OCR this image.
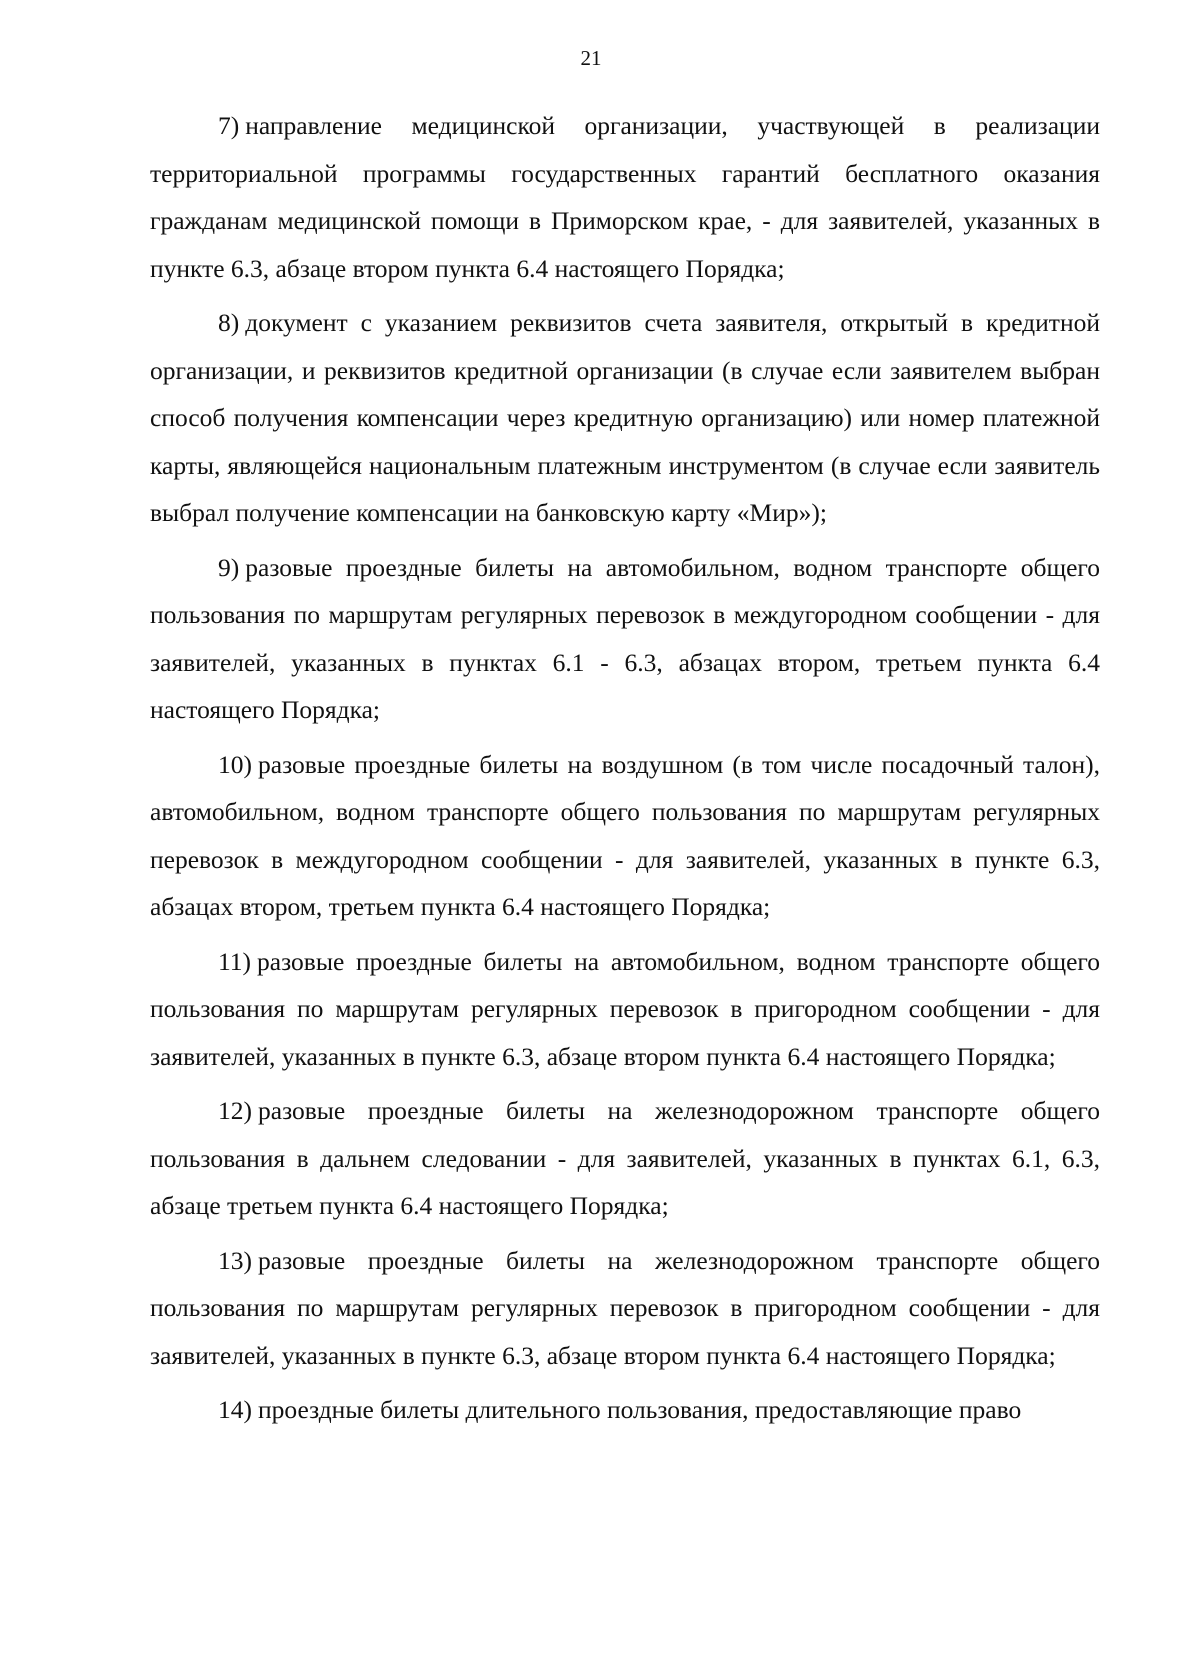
21

7) направление медицинской организации, участвующей в реализации территориальной программы государственных гарантий бесплатного оказания гражданам медицинской помощи в Приморском крае, - для заявителей, указанных в пункте 6.3, абзаце втором пункта 6.4 настоящего Порядка;

8) документ с указанием реквизитов счета заявителя, открытый в кредитной организации, и реквизитов кредитной организации (в случае если заявителем выбран способ получения компенсации через кредитную организацию) или номер платежной карты, являющейся национальным платежным инструментом (в случае если заявитель выбрал получение компенсации на банковскую карту «Мир»);

9) разовые проездные билеты на автомобильном, водном транспорте общего пользования по маршрутам регулярных перевозок в междугородном сообщении - для заявителей, указанных в пунктах 6.1 - 6.3, абзацах втором, третьем пункта 6.4 настоящего Порядка;

10) разовые проездные билеты на воздушном (в том числе посадочный талон), автомобильном, водном транспорте общего пользования по маршрутам регулярных перевозок в междугородном сообщении - для заявителей, указанных в пункте 6.3, абзацах втором, третьем пункта 6.4 настоящего Порядка;

11) разовые проездные билеты на автомобильном, водном транспорте общего пользования по маршрутам регулярных перевозок в пригородном сообщении - для заявителей, указанных в пункте 6.3, абзаце втором пункта 6.4 настоящего Порядка;

12) разовые проездные билеты на железнодорожном транспорте общего пользования в дальнем следовании - для заявителей, указанных в пунктах 6.1, 6.3, абзаце третьем пункта 6.4 настоящего Порядка;

13) разовые проездные билеты на железнодорожном транспорте общего пользования по маршрутам регулярных перевозок в пригородном сообщении - для заявителей, указанных в пункте 6.3, абзаце втором пункта 6.4 настоящего Порядка;

14) проездные билеты длительного пользования, предоставляющие право
